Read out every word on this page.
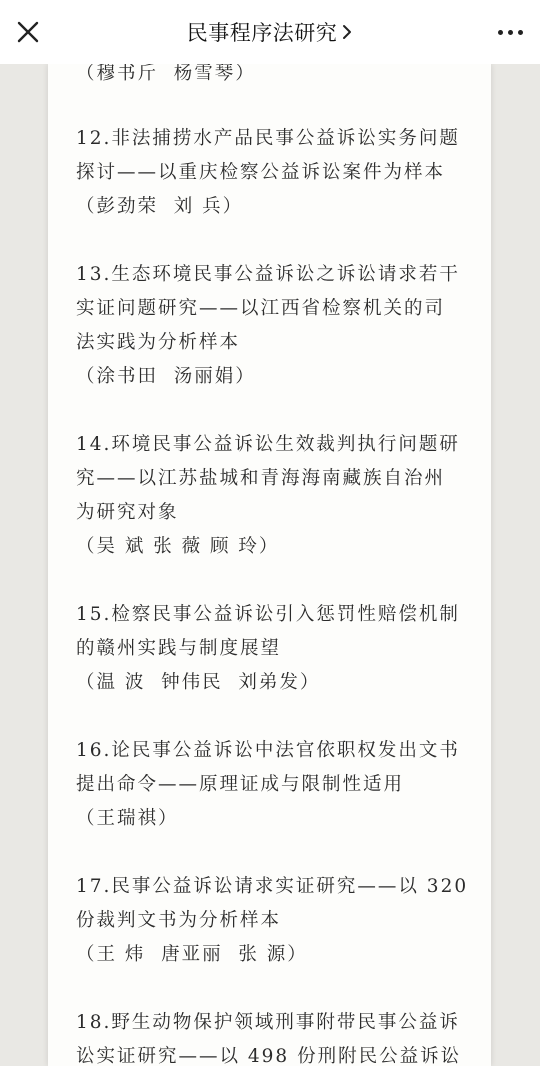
民事程序法研究
（穆书斤  杨雪琴）
12.非法捕捞水产品民事公益诉讼实务问题
探讨——以重庆检察公益诉讼案件为样本
（彭劲荣  刘 兵）
13.生态环境民事公益诉讼之诉讼请求若干
实证问题研究——以江西省检察机关的司
法实践为分析样本
（涂书田  汤丽娟）
14.环境民事公益诉讼生效裁判执行问题研
究——以江苏盐城和青海海南藏族自治州
为研究对象
（吴 斌 张 薇 顾 玲）
15.检察民事公益诉讼引入惩罚性赔偿机制
的赣州实践与制度展望
（温 波  钟伟民  刘弟发）
16.论民事公益诉讼中法官依职权发出文书
提出命令——原理证成与限制性适用
（王瑞祺）
17.民事公益诉讼请求实证研究——以 320
份裁判文书为分析样本
（王 炜  唐亚丽  张 源）
18.野生动物保护领域刑事附带民事公益诉
讼实证研究——以 498 份刑附民公益诉讼
